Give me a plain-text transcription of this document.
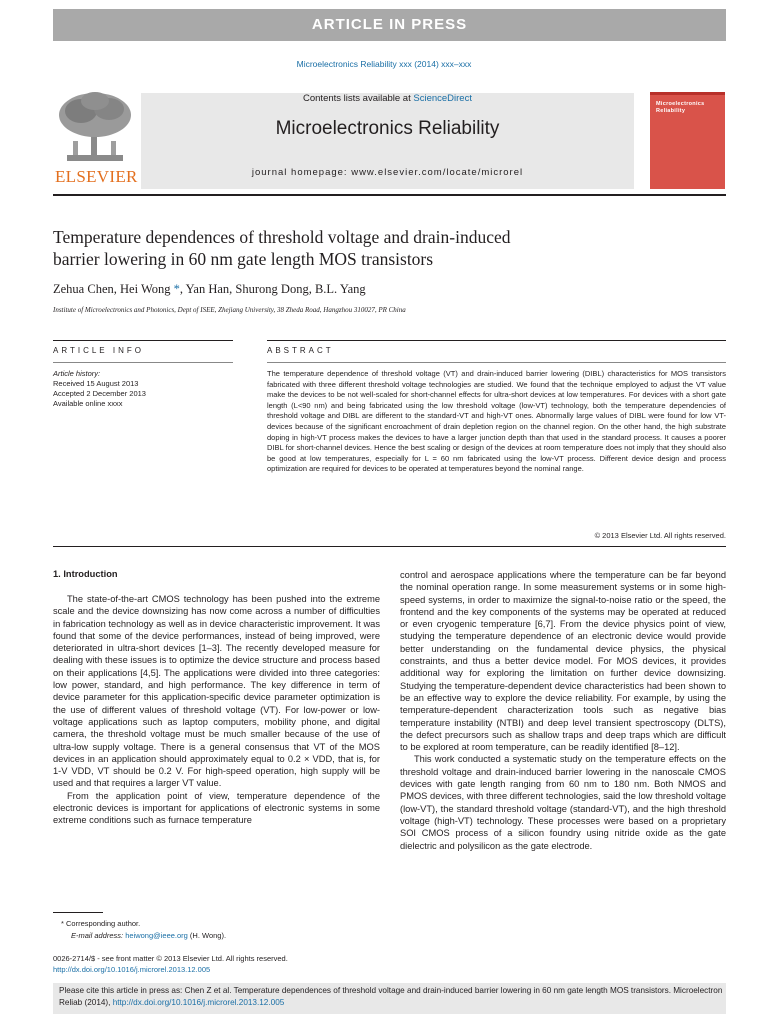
ARTICLE IN PRESS
Microelectronics Reliability xxx (2014) xxx–xxx
ELSEVIER
Contents lists available at ScienceDirect
Microelectronics Reliability
journal homepage: www.elsevier.com/locate/microrel
Microelectronics
Reliability
Temperature dependences of threshold voltage and drain-induced
barrier lowering in 60 nm gate length MOS transistors
Zehua Chen, Hei Wong *, Yan Han, Shurong Dong, B.L. Yang
Institute of Microelectronics and Photonics, Dept of ISEE, Zhejiang University, 38 Zheda Road, Hangzhou 310027, PR China
ARTICLE INFO	ABSTRACT
Article history:
Received 15 August 2013
Accepted 2 December 2013
Available online xxxx
The temperature dependence of threshold voltage (VT) and drain-induced barrier lowering (DIBL) characteristics for MOS transistors fabricated with three different threshold voltage technologies are studied. We found that the technique employed to adjust the VT value make the devices to be not well-scaled for short-channel effects for ultra-short devices at low temperatures. For devices with a short gate length (L<90 nm) and being fabricated using the low threshold voltage (low-VT) technology, both the temperature dependencies of threshold voltage and DIBL are different to the standard-VT and high-VT ones. Abnormally large values of DIBL were found for low VT-devices because of the significant encroachment of drain depletion region on the channel region. On the other hand, the high substrate doping in high-VT process makes the devices to have a larger junction depth than that used in the standard process. It causes a poorer DIBL for short-channel devices. Hence the best scaling or design of the devices at room temperature does not imply that they should also be good at low temperatures, especially for L = 60 nm fabricated using the low-VT process. Different device design and process optimization are required for devices to be operated at temperatures beyond the nominal range.
© 2013 Elsevier Ltd. All rights reserved.
1. Introduction

The state-of-the-art CMOS technology has been pushed into the extreme scale and the device downsizing has now come across a number of difficulties in fabrication technology as well as in device characteristic improvement. It was found that some of the device performances, instead of being improved, were deteriorated in ultra-short devices [1–3]. The recently developed measure for dealing with these issues is to optimize the device structure and process based on their applications [4,5]. The applications were divided into three categories: low power, standard, and high performance. The key difference in term of device parameter for this application-specific device parameter optimization is the use of different values of threshold voltage (VT). For low-power or low-voltage applications such as laptop computers, mobility phone, and digital camera, the threshold voltage must be much smaller because of the use of ultra-low supply voltage. There is a general consensus that VT of the MOS devices in an application should approximately equal to 0.2 × VDD, that is, for 1-V VDD, VT should be 0.2 V. For high-speed operation, high supply will be used and that requires a larger VT value.

From the application point of view, temperature dependence of the electronic devices is important for applications of electronic systems in some extreme conditions such as furnace temperature

control and aerospace applications where the temperature can be far beyond the nominal operation range. In some measurement systems or in some high-speed systems, in order to maximize the signal-to-noise ratio or the speed, the frontend and the key components of the systems may be operated at reduced or even cryogenic temperature [6,7]. From the device physics point of view, studying the temperature dependence of an electronic device would provide better understanding on the fundamental device physics, the physical constraints, and thus a better device model. For MOS devices, it provides additional way for exploring the limitation on further device downsizing. Studying the temperature-dependent device characteristics had been shown to be an effective way to explore the device reliability. For example, by using the temperature-dependent characterization tools such as negative bias temperature instability (NTBI) and deep level transient spectroscopy (DLTS), the defect precursors such as shallow traps and deep traps which are difficult to be explored at room temperature, can be readily identified [8–12].

This work conducted a systematic study on the temperature effects on the threshold voltage and drain-induced barrier lowering in the nanoscale CMOS devices with gate length ranging from 60 nm to 180 nm. Both NMOS and PMOS devices, with three different technologies, said the low threshold voltage (low-VT), the standard threshold voltage (standard-VT), and the high threshold voltage (high-VT) technology. These processes were based on a proprietary SOI CMOS process of a silicon foundry using nitride oxide as the gate dielectric and polysilicon as the gate electrode.

* Corresponding author.
E-mail address: heiwong@ieee.org (H. Wong).
0026-2714/$ - see front matter © 2013 Elsevier Ltd. All rights reserved.
http://dx.doi.org/10.1016/j.microrel.2013.12.005
Please cite this article in press as: Chen Z et al. Temperature dependences of threshold voltage and drain-induced barrier lowering in 60 nm gate length MOS transistors. Microelectron Reliab (2014), http://dx.doi.org/10.1016/j.microrel.2013.12.005
